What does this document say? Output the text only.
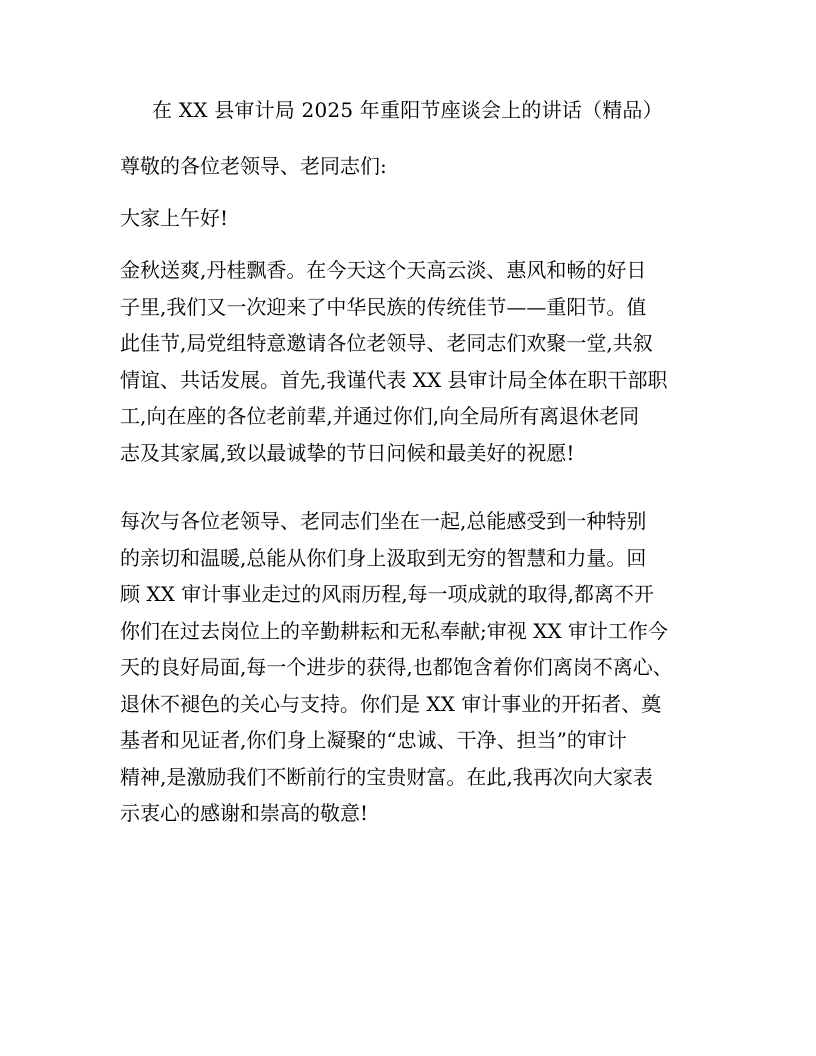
在 XX 县审计局 2025 年重阳节座谈会上的讲话（精品）

尊敬的各位老领导、老同志们:

大家上午好!

金秋送爽,丹桂飘香。在今天这个天高云淡、惠风和畅的好日
子里,我们又一次迎来了中华民族的传统佳节——重阳节。值
此佳节,局党组特意邀请各位老领导、老同志们欢聚一堂,共叙
情谊、共话发展。首先,我谨代表 XX 县审计局全体在职干部职
工,向在座的各位老前辈,并通过你们,向全局所有离退休老同
志及其家属,致以最诚挚的节日问候和最美好的祝愿!

每次与各位老领导、老同志们坐在一起,总能感受到一种特别
的亲切和温暖,总能从你们身上汲取到无穷的智慧和力量。回
顾 XX 审计事业走过的风雨历程,每一项成就的取得,都离不开
你们在过去岗位上的辛勤耕耘和无私奉献;审视 XX 审计工作今
天的良好局面,每一个进步的获得,也都饱含着你们离岗不离心、
退休不褪色的关心与支持。你们是 XX 审计事业的开拓者、奠
基者和见证者,你们身上凝聚的“忠诚、干净、担当”的审计
精神,是激励我们不断前行的宝贵财富。在此,我再次向大家表
示衷心的感谢和崇高的敬意!
